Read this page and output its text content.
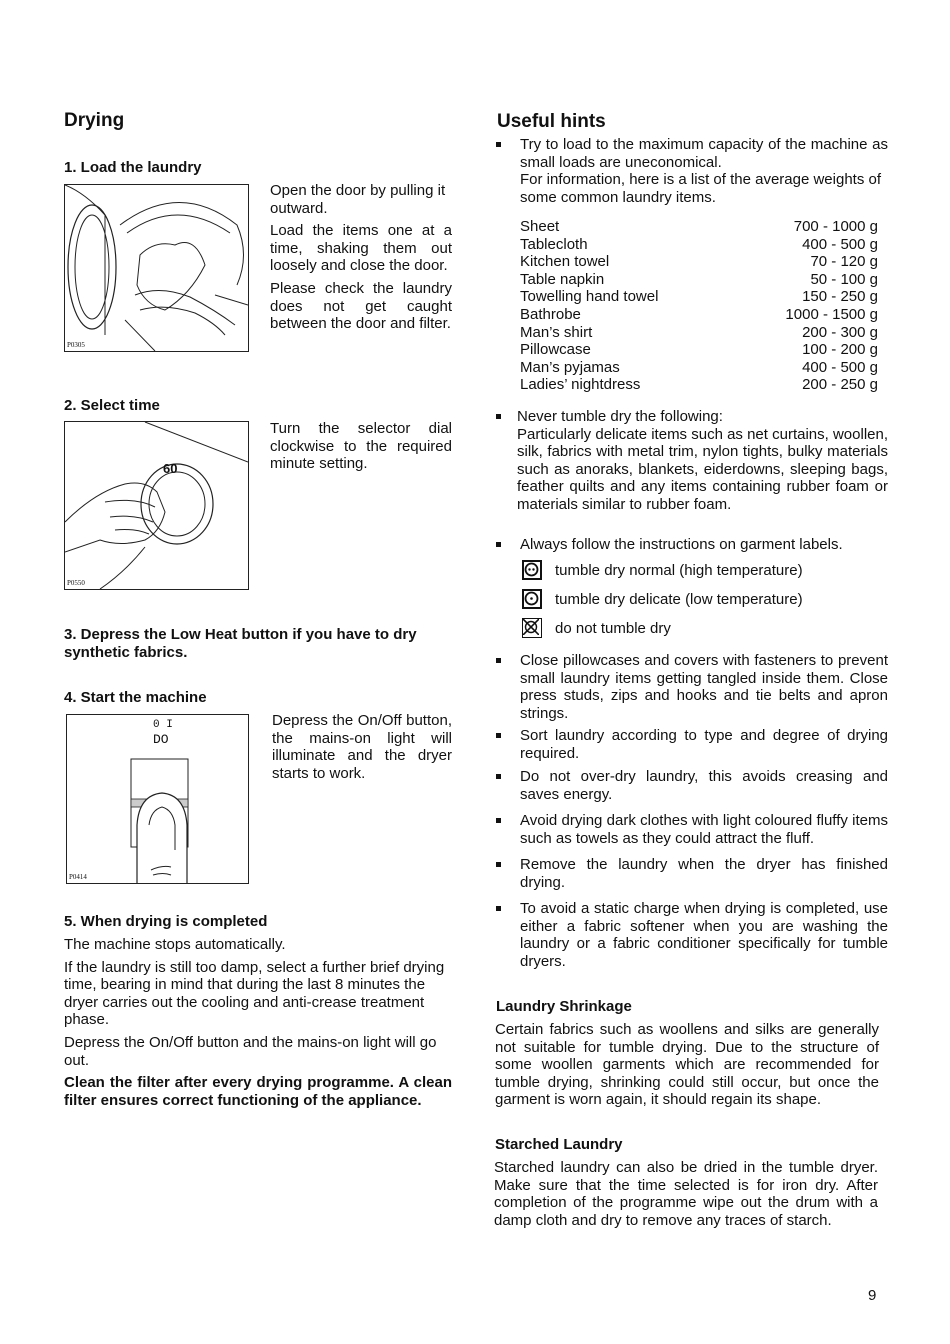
Drying
1. Load the laundry
P0305

Open the door by pulling it outward.

Load the items one at a time, shaking them out loosely and close the door.

Please check the laundry does not get caught between the door and filter.

2. Select time
60
P0550

Turn the selector dial clockwise to the required minute setting.

3. Depress the Low Heat button if you have to dry synthetic fabrics.
4. Start the machine
0 I
DO
P0414

Depress the On/Off button, the mains-on light will illuminate and the dryer starts to work.

5. When drying is completed

The machine stops automatically.

If the laundry is still too damp, select a further brief drying time, bearing in mind that during the last 8 minutes the dryer carries out the cooling and anti-crease treatment phase.

Depress the On/Off button and the mains-on light will go out.

Clean the filter after every drying programme. A clean filter ensures correct functioning of the appliance.

Useful hints

Try to load to the maximum capacity of the machine as small loads are uneconomical.

For information, here is a list of the average weights of some common laundry items.

Sheet	700 - 1000 g
Tablecloth	400 - 500 g
Kitchen towel	70 - 120 g
Table napkin	50 - 100 g
Towelling hand towel	150 - 250 g
Bathrobe	1000 - 1500 g
Man’s shirt	200 - 300 g
Pillowcase	100 - 200 g
Man’s pyjamas	400 - 500 g
Ladies’ nightdress	200 - 250 g

Never tumble dry the following:

Particularly delicate items such as net curtains, woollen, silk, fabrics with metal trim, nylon tights, bulky materials such as anoraks, blankets, eiderdowns, sleeping bags, feather quilts and any items containing rubber foam or materials similar to rubber foam.

Always follow the instructions on garment labels.

tumble dry normal (high temperature)
tumble dry delicate (low temperature)
do not tumble dry

Close pillowcases and covers with fasteners to prevent small laundry items getting tangled inside them. Close press studs, zips and hooks and tie belts and apron strings.

Sort laundry according to type and degree of drying required.

Do not over-dry laundry, this avoids creasing and saves energy.

Avoid drying dark clothes with light coloured fluffy items such as towels as they could attract the fluff.

Remove the laundry when the dryer has finished drying.

To avoid a static charge when drying is completed, use either a fabric softener when you are washing the laundry or a fabric conditioner specifically for tumble dryers.

Laundry Shrinkage

Certain fabrics such as woollens and silks are generally not suitable for tumble drying. Due to the structure of some woollen garments which are recommended for tumble drying, shrinking could still occur, but once the garment is worn again, it should regain its shape.

Starched Laundry

Starched laundry can also be dried in the tumble dryer. Make sure that the time selected is for iron dry. After completion of the programme wipe out the drum with a damp cloth and dry to remove any traces of starch.

9
